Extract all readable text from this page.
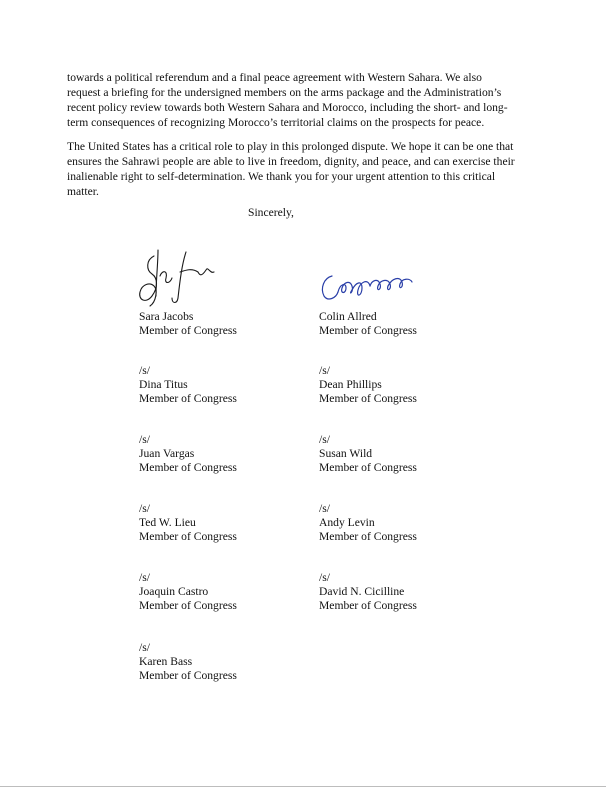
towards a political referendum and a final peace agreement with Western Sahara. We also
request a briefing for the undersigned members on the arms package and the Administration’s
recent policy review towards both Western Sahara and Morocco, including the short- and long-
term consequences of recognizing Morocco’s territorial claims on the prospects for peace.

The United States has a critical role to play in this prolonged dispute. We hope it can be one that
ensures the Sahrawi people are able to live in freedom, dignity, and peace, and can exercise their
inalienable right to self-determination. We thank you for your urgent attention to this critical
matter.

Sincerely,
Sara Jacobs
Member of Congress
/s/
Dina Titus
Member of Congress
/s/
Juan Vargas
Member of Congress
/s/
Ted W. Lieu
Member of Congress
/s/
Joaquin Castro
Member of Congress
/s/
Karen Bass
Member of Congress
Colin Allred
Member of Congress
/s/
Dean Phillips
Member of Congress
/s/
Susan Wild
Member of Congress
/s/
Andy Levin
Member of Congress
/s/
David N. Cicilline
Member of Congress
